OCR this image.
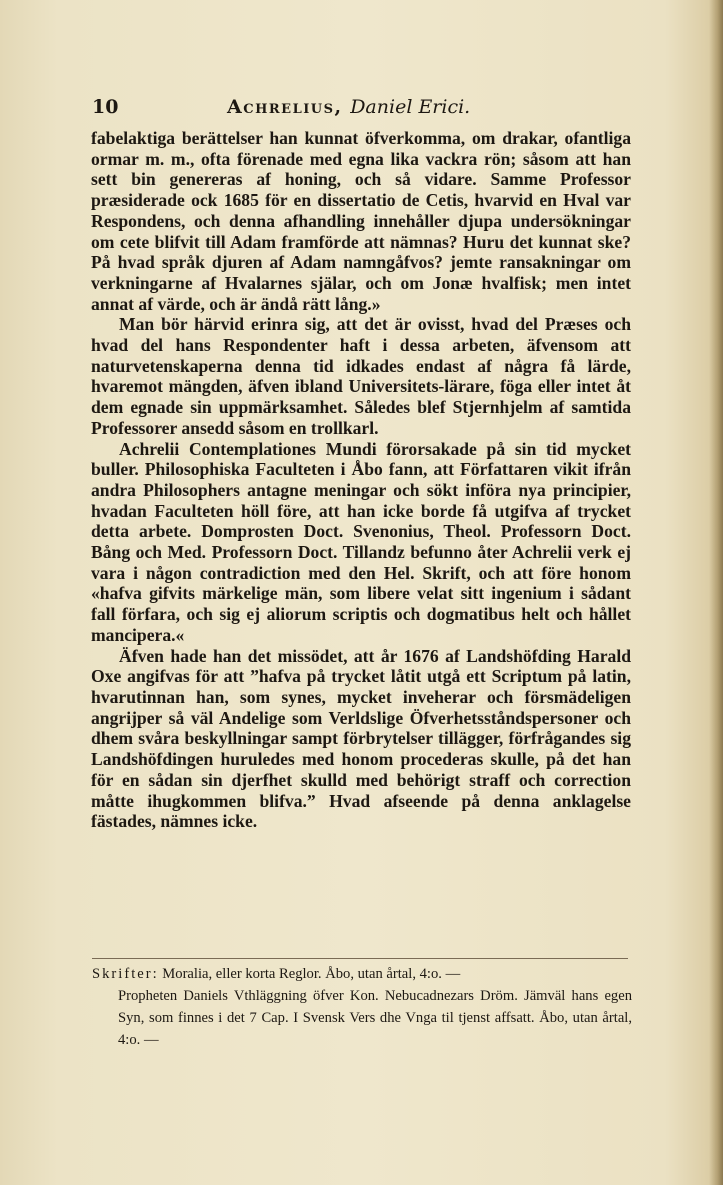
10	Achrelius, Daniel Erici.

fabelaktiga berättelser han kunnat öfverkomma, om drakar, ofantliga ormar m. m., ofta förenade med egna lika vackra rön; såsom att han sett bin genereras af honing, och så vidare. Samme Professor præsiderade ock 1685 för en dissertatio de Cetis, hvarvid en Hval var Respondens, och denna afhandling innehåller djupa undersökningar om cete blifvit till Adam framförde att nämnas? Huru det kunnat ske? På hvad språk djuren af Adam namngåfvos? jemte ransakningar om verkningarne af Hvalarnes själar, och om Jonæ hvalfisk; men intet annat af värde, och är ändå rätt lång.»

Man bör härvid erinra sig, att det är ovisst, hvad del Præses och hvad del hans Respondenter haft i dessa arbeten, äfvensom att naturvetenskaperna denna tid idkades endast af några få lärde, hvaremot mängden, äfven ibland Universitets-lärare, föga eller intet åt dem egnade sin uppmärksamhet. Således blef Stjernhjelm af samtida Professorer ansedd såsom en trollkarl.

Achrelii Contemplationes Mundi förorsakade på sin tid mycket buller. Philosophiska Faculteten i Åbo fann, att Författaren vikit ifrån andra Philosophers antagne meningar och sökt införa nya principier, hvadan Faculteten höll före, att han icke borde få utgifva af trycket detta arbete. Domprosten Doct. Svenonius, Theol. Professorn Doct. Bång och Med. Professorn Doct. Tillandz befunno åter Achrelii verk ej vara i någon contradiction med den Hel. Skrift, och att före honom «hafva gifvits märkelige män, som libere velat sitt ingenium i sådant fall förfara, och sig ej aliorum scriptis och dogmatibus helt och hållet mancipera.«

Äfven hade han det missödet, att år 1676 af Landshöfding Harald Oxe angifvas för att ”hafva på trycket låtit utgå ett Scriptum på latin, hvarutinnan han, som synes, mycket inveherar och försmädeligen angrijper så väl Andelige som Verldslige Öfverhetsståndspersoner och dhem svåra beskyllningar sampt förbrytelser tillägger, förfrågandes sig Landshöfdingen huruledes med honom procederas skulle, på det han för en sådan sin djerfhet skulld med behörigt straff och correction måtte ihugkommen blifva.” Hvad afseende på denna anklagelse fästades, nämnes icke.

Skrifter: Moralia, eller korta Reglor. Åbo, utan årtal, 4:o. —
Propheten Daniels Vthläggning öfver Kon. Nebucadnezars Dröm. Jämväl hans egen Syn, som finnes i det 7 Cap. I Svensk Vers dhe Vnga til tjenst affsatt. Åbo, utan årtal, 4:o. —
